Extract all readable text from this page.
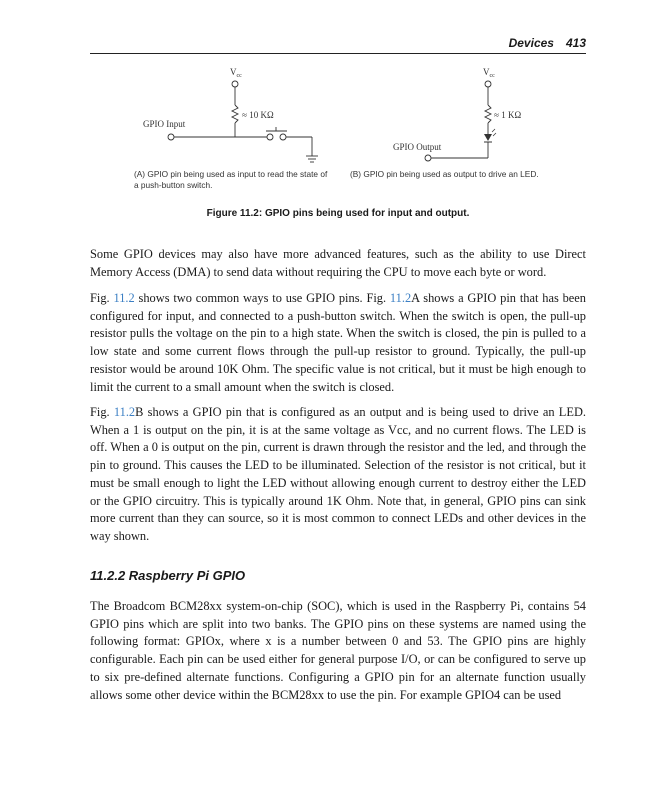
Devices 413
$V_{cc}$	$V_{cc}$
≈ 10 KΩ	≈ 1 KΩ
GPIO Input
GPIO Output
(A) GPIO pin being used as input to read the state of a push-button switch.
(B) GPIO pin being used as output to drive an LED.
Figure 11.2: GPIO pins being used for input and output.
Some GPIO devices may also have more advanced features, such as the ability to use Direct Memory Access (DMA) to send data without requiring the CPU to move each byte or word.
Fig. 11.2 shows two common ways to use GPIO pins. Fig. 11.2A shows a GPIO pin that has been configured for input, and connected to a push-button switch. When the switch is open, the pull-up resistor pulls the voltage on the pin to a high state. When the switch is closed, the pin is pulled to a low state and some current flows through the pull-up resistor to ground. Typically, the pull-up resistor would be around 10K Ohm. The specific value is not critical, but it must be high enough to limit the current to a small amount when the switch is closed.
Fig. 11.2B shows a GPIO pin that is configured as an output and is being used to drive an LED. When a 1 is output on the pin, it is at the same voltage as Vcc, and no current flows. The LED is off. When a 0 is output on the pin, current is drawn through the resistor and the led, and through the pin to ground. This causes the LED to be illuminated. Selection of the resistor is not critical, but it must be small enough to light the LED without allowing enough current to destroy either the LED or the GPIO circuitry. This is typically around 1K Ohm. Note that, in general, GPIO pins can sink more current than they can source, so it is most common to connect LEDs and other devices in the way shown.
11.2.2 Raspberry Pi GPIO
The Broadcom BCM28xx system-on-chip (SOC), which is used in the Raspberry Pi, contains 54 GPIO pins which are split into two banks. The GPIO pins on these systems are named using the following format: GPIOx, where x is a number between 0 and 53. The GPIO pins are highly configurable. Each pin can be used either for general purpose I/O, or can be configured to serve up to six pre-defined alternate functions. Configuring a GPIO pin for an alternate function usually allows some other device within the BCM28xx to use the pin. For example GPIO4 can be used
